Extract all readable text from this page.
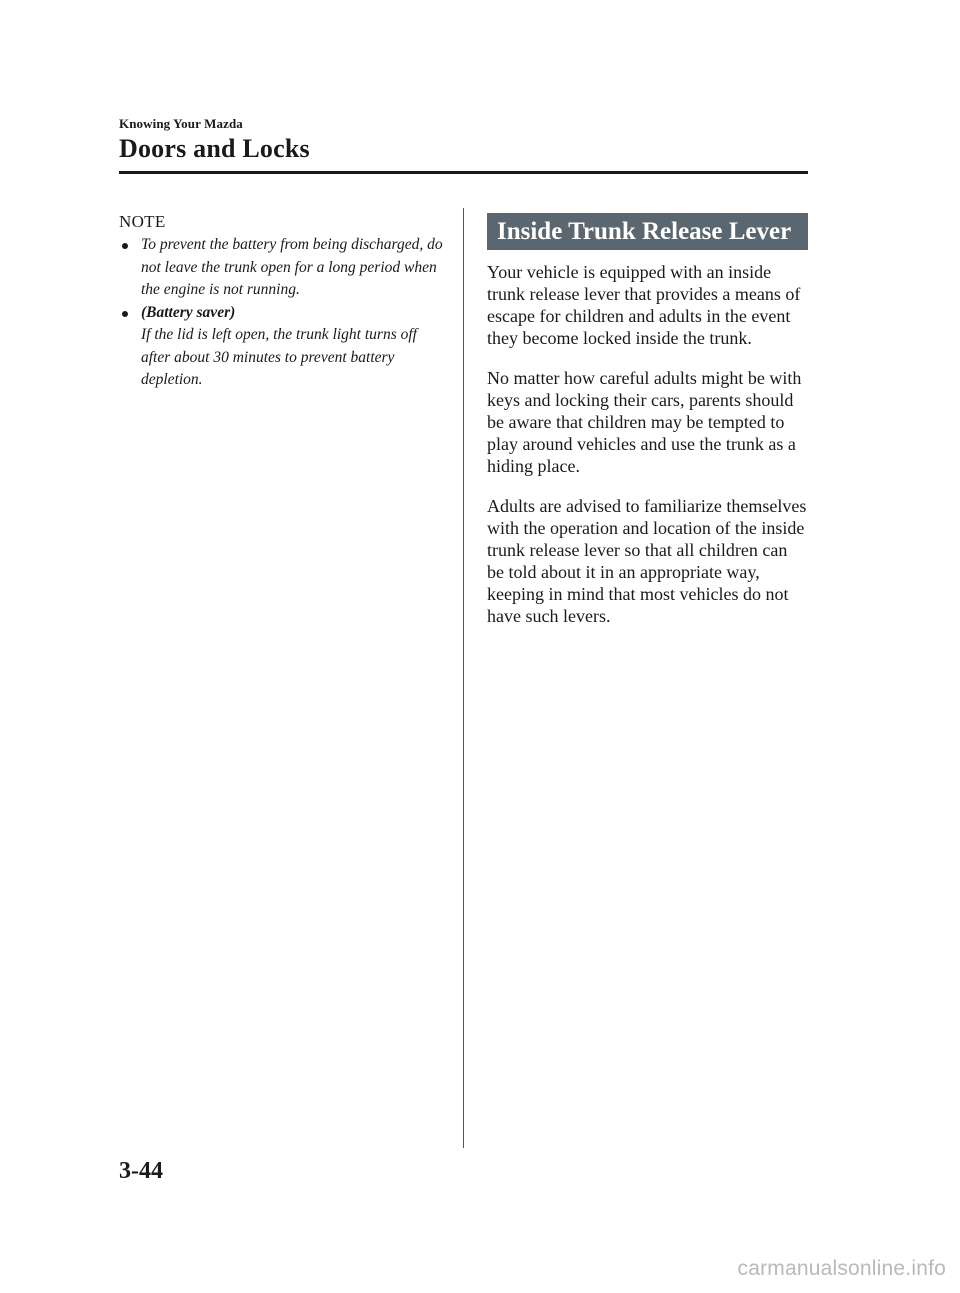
Knowing Your Mazda
Doors and Locks
NOTE
To prevent the battery from being discharged, do not leave the trunk open for a long period when the engine is not running.
(Battery saver)
If the lid is left open, the trunk light turns off after about 30 minutes to prevent battery depletion.
Inside Trunk Release Lever

Your vehicle is equipped with an inside trunk release lever that provides a means of escape for children and adults in the event they become locked inside the trunk.

No matter how careful adults might be with keys and locking their cars, parents should be aware that children may be tempted to play around vehicles and use the trunk as a hiding place.

Adults are advised to familiarize themselves with the operation and location of the inside trunk release lever so that all children can be told about it in an appropriate way, keeping in mind that most vehicles do not have such levers.

3-44
carmanualsonline.info
